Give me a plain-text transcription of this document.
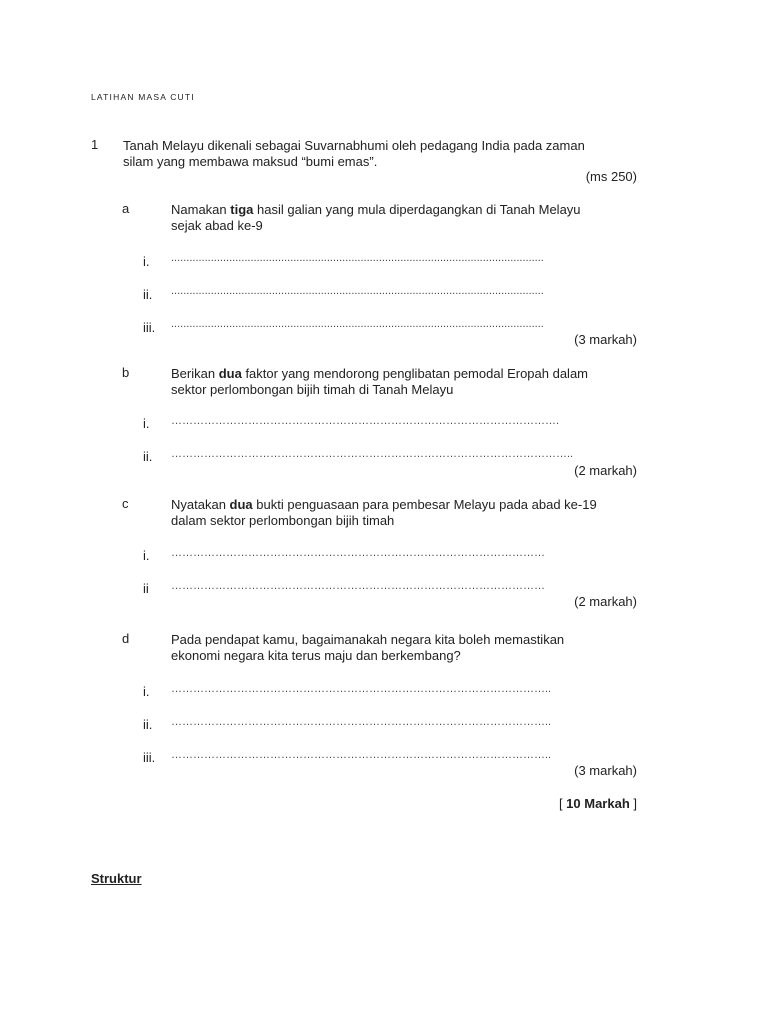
LATIHAN MASA CUTI
1 Tanah Melayu dikenali sebagai Suvarnabhumi oleh pedagang India pada zaman
silam yang membawa maksud “bumi emas”.
(ms 250)
a	Namakan tiga hasil galian yang mula diperdagangkan di Tanah Melayu
sejak abad ke-9
i. ..........................................................................................................................
ii. ..........................................................................................................................
iii. ..........................................................................................................................
(3 markah)
b	Berikan dua faktor yang mendorong penglibatan pemodal Eropah dalam
sektor perlombongan bijih timah di Tanah Melayu
i. …………………………………………………………………………………………….
ii. ………………………………………………………………………………………………..
(2 markah)
c	Nyatakan dua bukti penguasaan para pembesar Melayu pada abad ke-19
dalam sektor perlombongan bijih timah
i. …………………………………………………………………………………………
ii …………………………………………………………………………………………
(2 markah)
d	Pada pendapat kamu, bagaimanakah negara kita boleh memastikan
ekonomi negara kita terus maju dan berkembang?
i. …………………………………………………………………………………………..
ii. …………………………………………………………………………………………..
iii. …………………………………………………………………………………………..
(3 markah)
[ 10 Markah ]
Struktur
